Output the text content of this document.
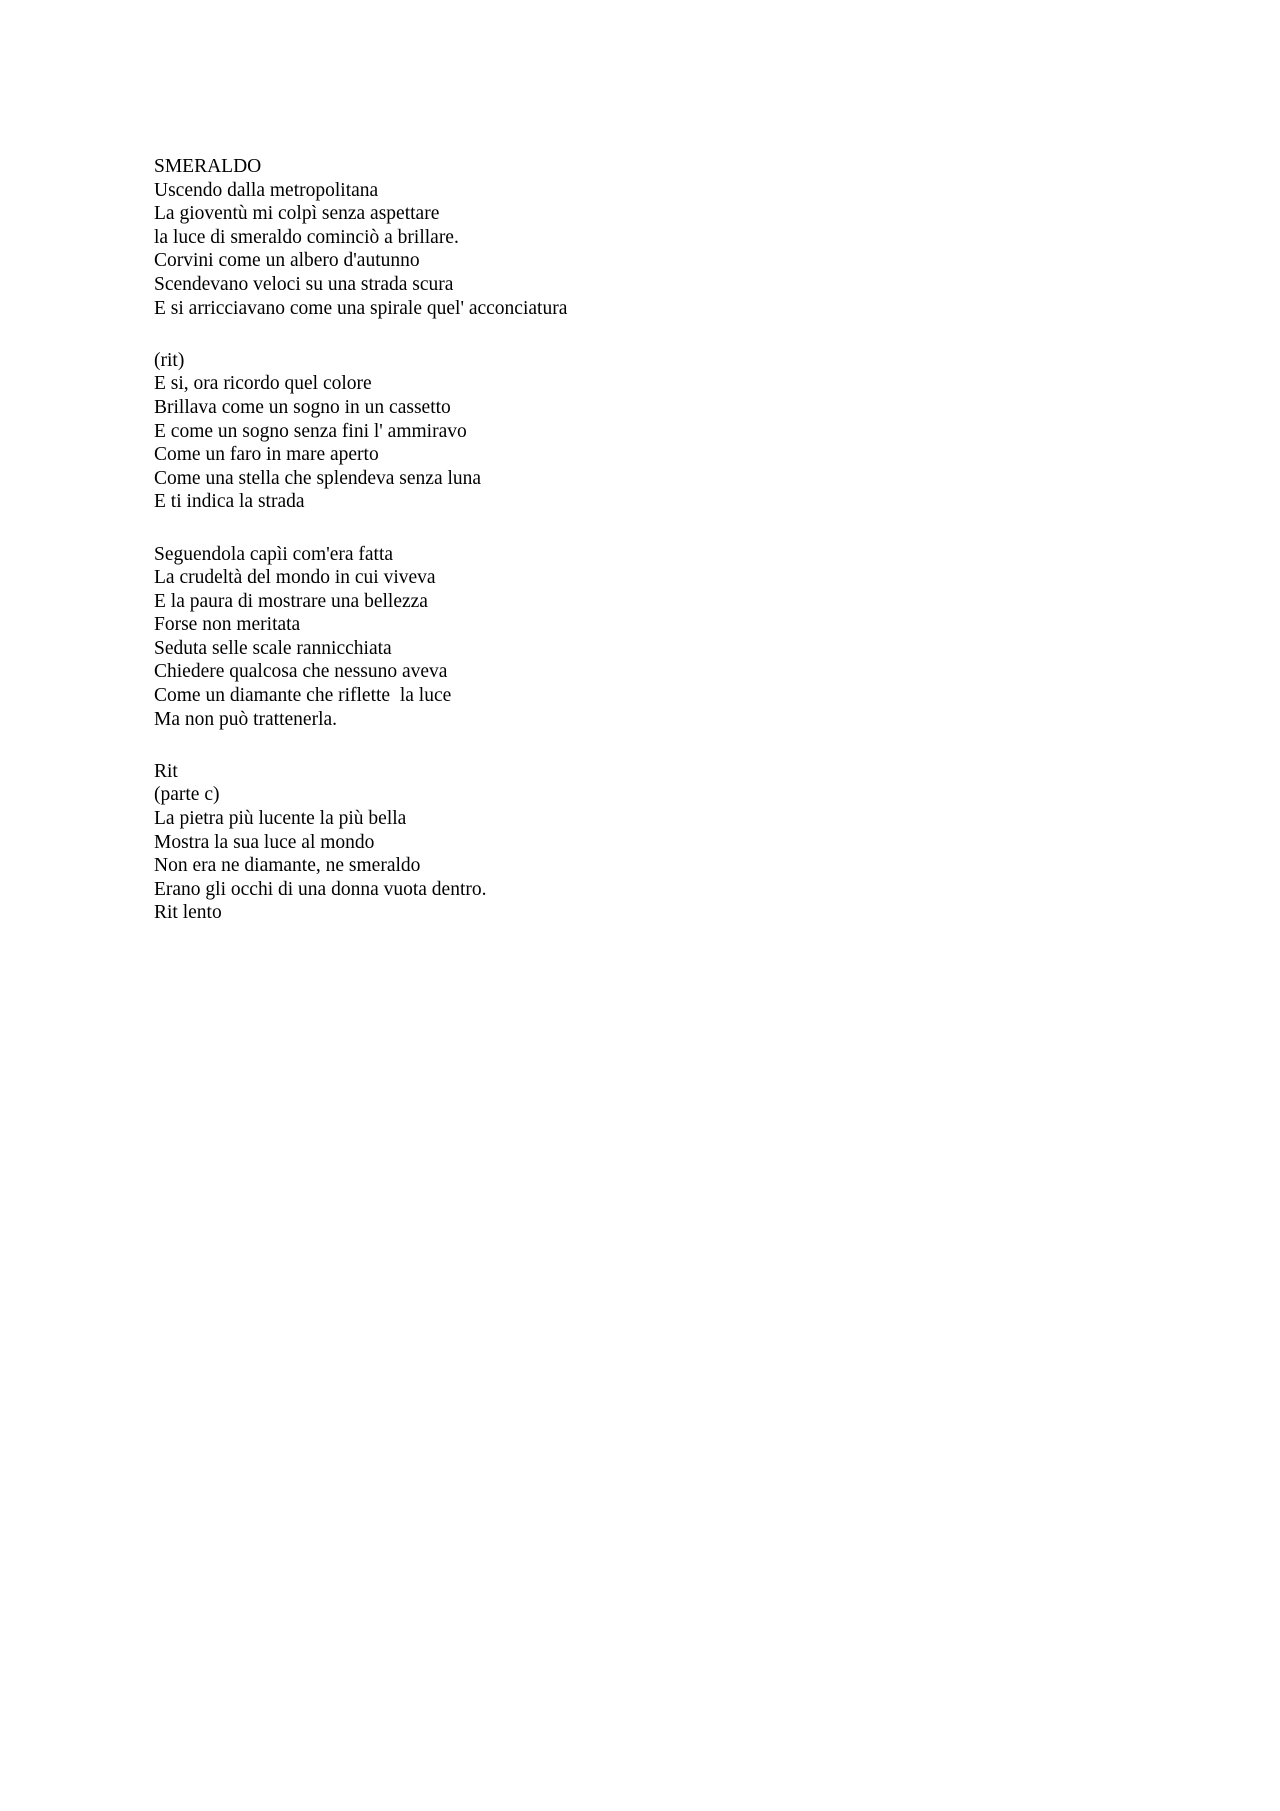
SMERALDO
Uscendo dalla metropolitana
La gioventù mi colpì senza aspettare
la luce di smeraldo cominciò a brillare.
Corvini come un albero d'autunno
Scendevano veloci su una strada scura
E si arricciavano come una spirale quel' acconciatura
(rit)
E si, ora ricordo quel colore
Brillava come un sogno in un cassetto
E come un sogno senza fini l' ammiravo
Come un faro in mare aperto
Come una stella che splendeva senza luna
E ti indica la strada
Seguendola capìi com'era fatta
La crudeltà del mondo in cui viveva
E la paura di mostrare una bellezza
Forse non meritata
Seduta selle scale rannicchiata
Chiedere qualcosa che nessuno aveva
Come un diamante che riflette  la luce
Ma non può trattenerla.
Rit
(parte c)
La pietra più lucente la più bella
Mostra la sua luce al mondo
Non era ne diamante, ne smeraldo
Erano gli occhi di una donna vuota dentro.
Rit lento
